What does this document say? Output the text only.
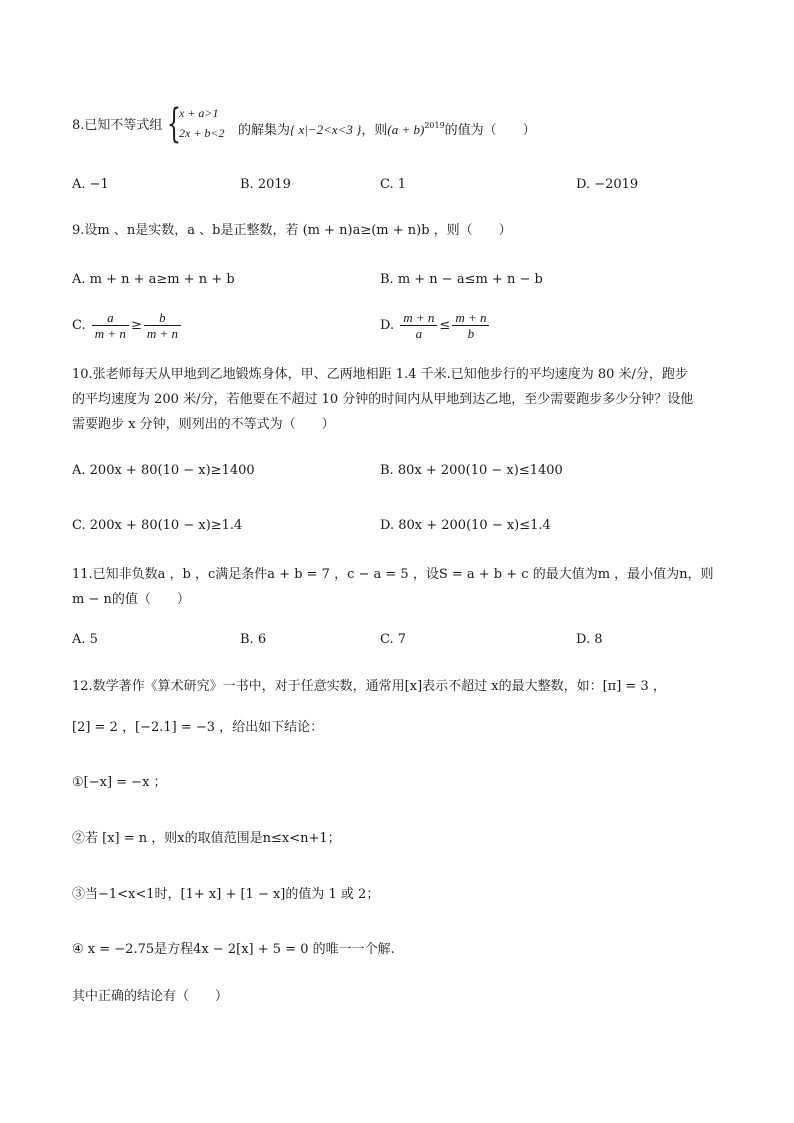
8.已知不等式组 {
x + a>1
2x + b<2 的解集为{ x|−2<x<3 }，则$(a + b)^{2019}$的值为（　　）
A. −1	B. 2019	C. 1	D. −2019
9.设m 、n是实数，a 、b是正整数，若 (m + n)a≥(m + n)b ，则（　　）
A. m + n + a≥m + n + b	B. m + n − a≤m + n − b
C. $\frac{a}{m + n} \ge \frac{b}{m + n}$	D. $\frac{m + n}{a} \le \frac{m + n}{b}$
10.张老师每天从甲地到乙地锻炼身体，甲、乙两地相距 1.4 千米.已知他步行的平均速度为 80 米/分，跑步
的平均速度为 200 米/分，若他要在不超过 10 分钟的时间内从甲地到达乙地，至少需要跑步多少分钟？设他
需要跑步 x 分钟，则列出的不等式为（　　）
A. 200x + 80(10 − x)≥1400	B. 80x + 200(10 − x)≤1400
C. 200x + 80(10 − x)≥1.4	D. 80x + 200(10 − x)≤1.4
11.已知非负数a ，b ，c满足条件a + b = 7 ，c − a = 5 ，设S = a + b + c 的最大值为m ，最小值为n，则
m − n的值（　　）
A. 5	B. 6	C. 7	D. 8
12.数学著作《算术研究》一书中，对于任意实数，通常用[x]表示不超过 x的最大整数，如：[π] = 3 ，
[2] = 2 ，[−2.1] = −3 ，给出如下结论：
①[−x] = −x ；
②若 [x] = n ，则x的取值范围是n≤x<n+1；
③当−1<x<1时，[1+ x] + [1 − x]的值为 1 或 2；
④ x = −2.75是方程4x − 2[x] + 5 = 0 的唯一一个解.
其中正确的结论有（　　）
